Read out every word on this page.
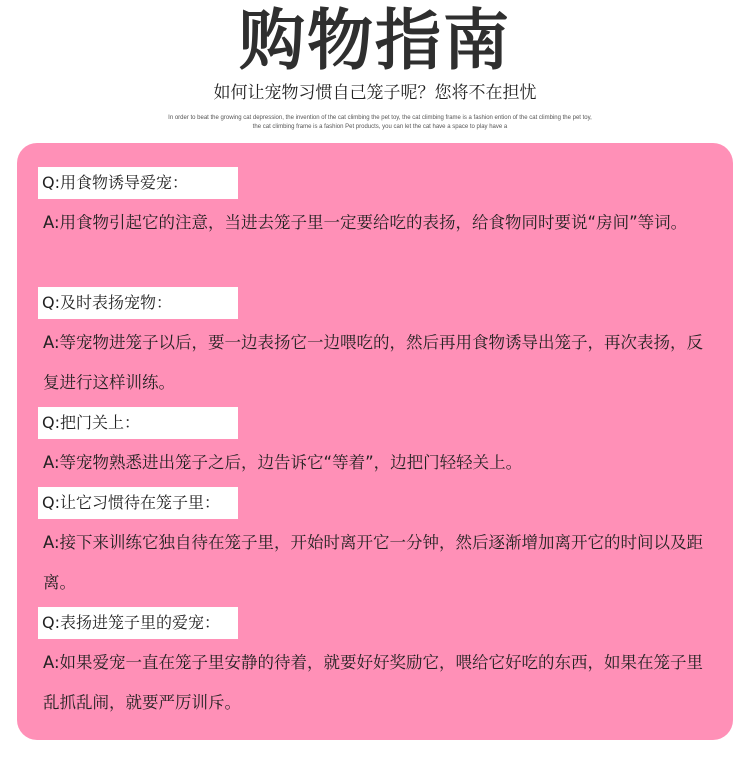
购物指南
如何让宠物习惯自己笼子呢？您将不在担忧
In order to beat the growing cat depression, the invention of the cat climbing the pet toy, the cat climbing frame is a fashion ention of the cat climbing the pet toy,
the cat climbing frame is a fashion Pet products, you can let the cat have a space to play have a
Q:用食物诱导爱宠：
A:用食物引起它的注意，当进去笼子里一定要给吃的表扬，给食物同时要说“房间”等词。
Q:及时表扬宠物：
A:等宠物进笼子以后，要一边表扬它一边喂吃的，然后再用食物诱导出笼子，再次表扬，反复进行这样训练。
Q:把门关上：
A:等宠物熟悉进出笼子之后，边告诉它“等着”，边把门轻轻关上。
Q:让它习惯待在笼子里：
A:接下来训练它独自待在笼子里，开始时离开它一分钟，然后逐渐增加离开它的时间以及距离。
Q:表扬进笼子里的爱宠：
A:如果爱宠一直在笼子里安静的待着，就要好好奖励它，喂给它好吃的东西，如果在笼子里乱抓乱闹，就要严厉训斥。
